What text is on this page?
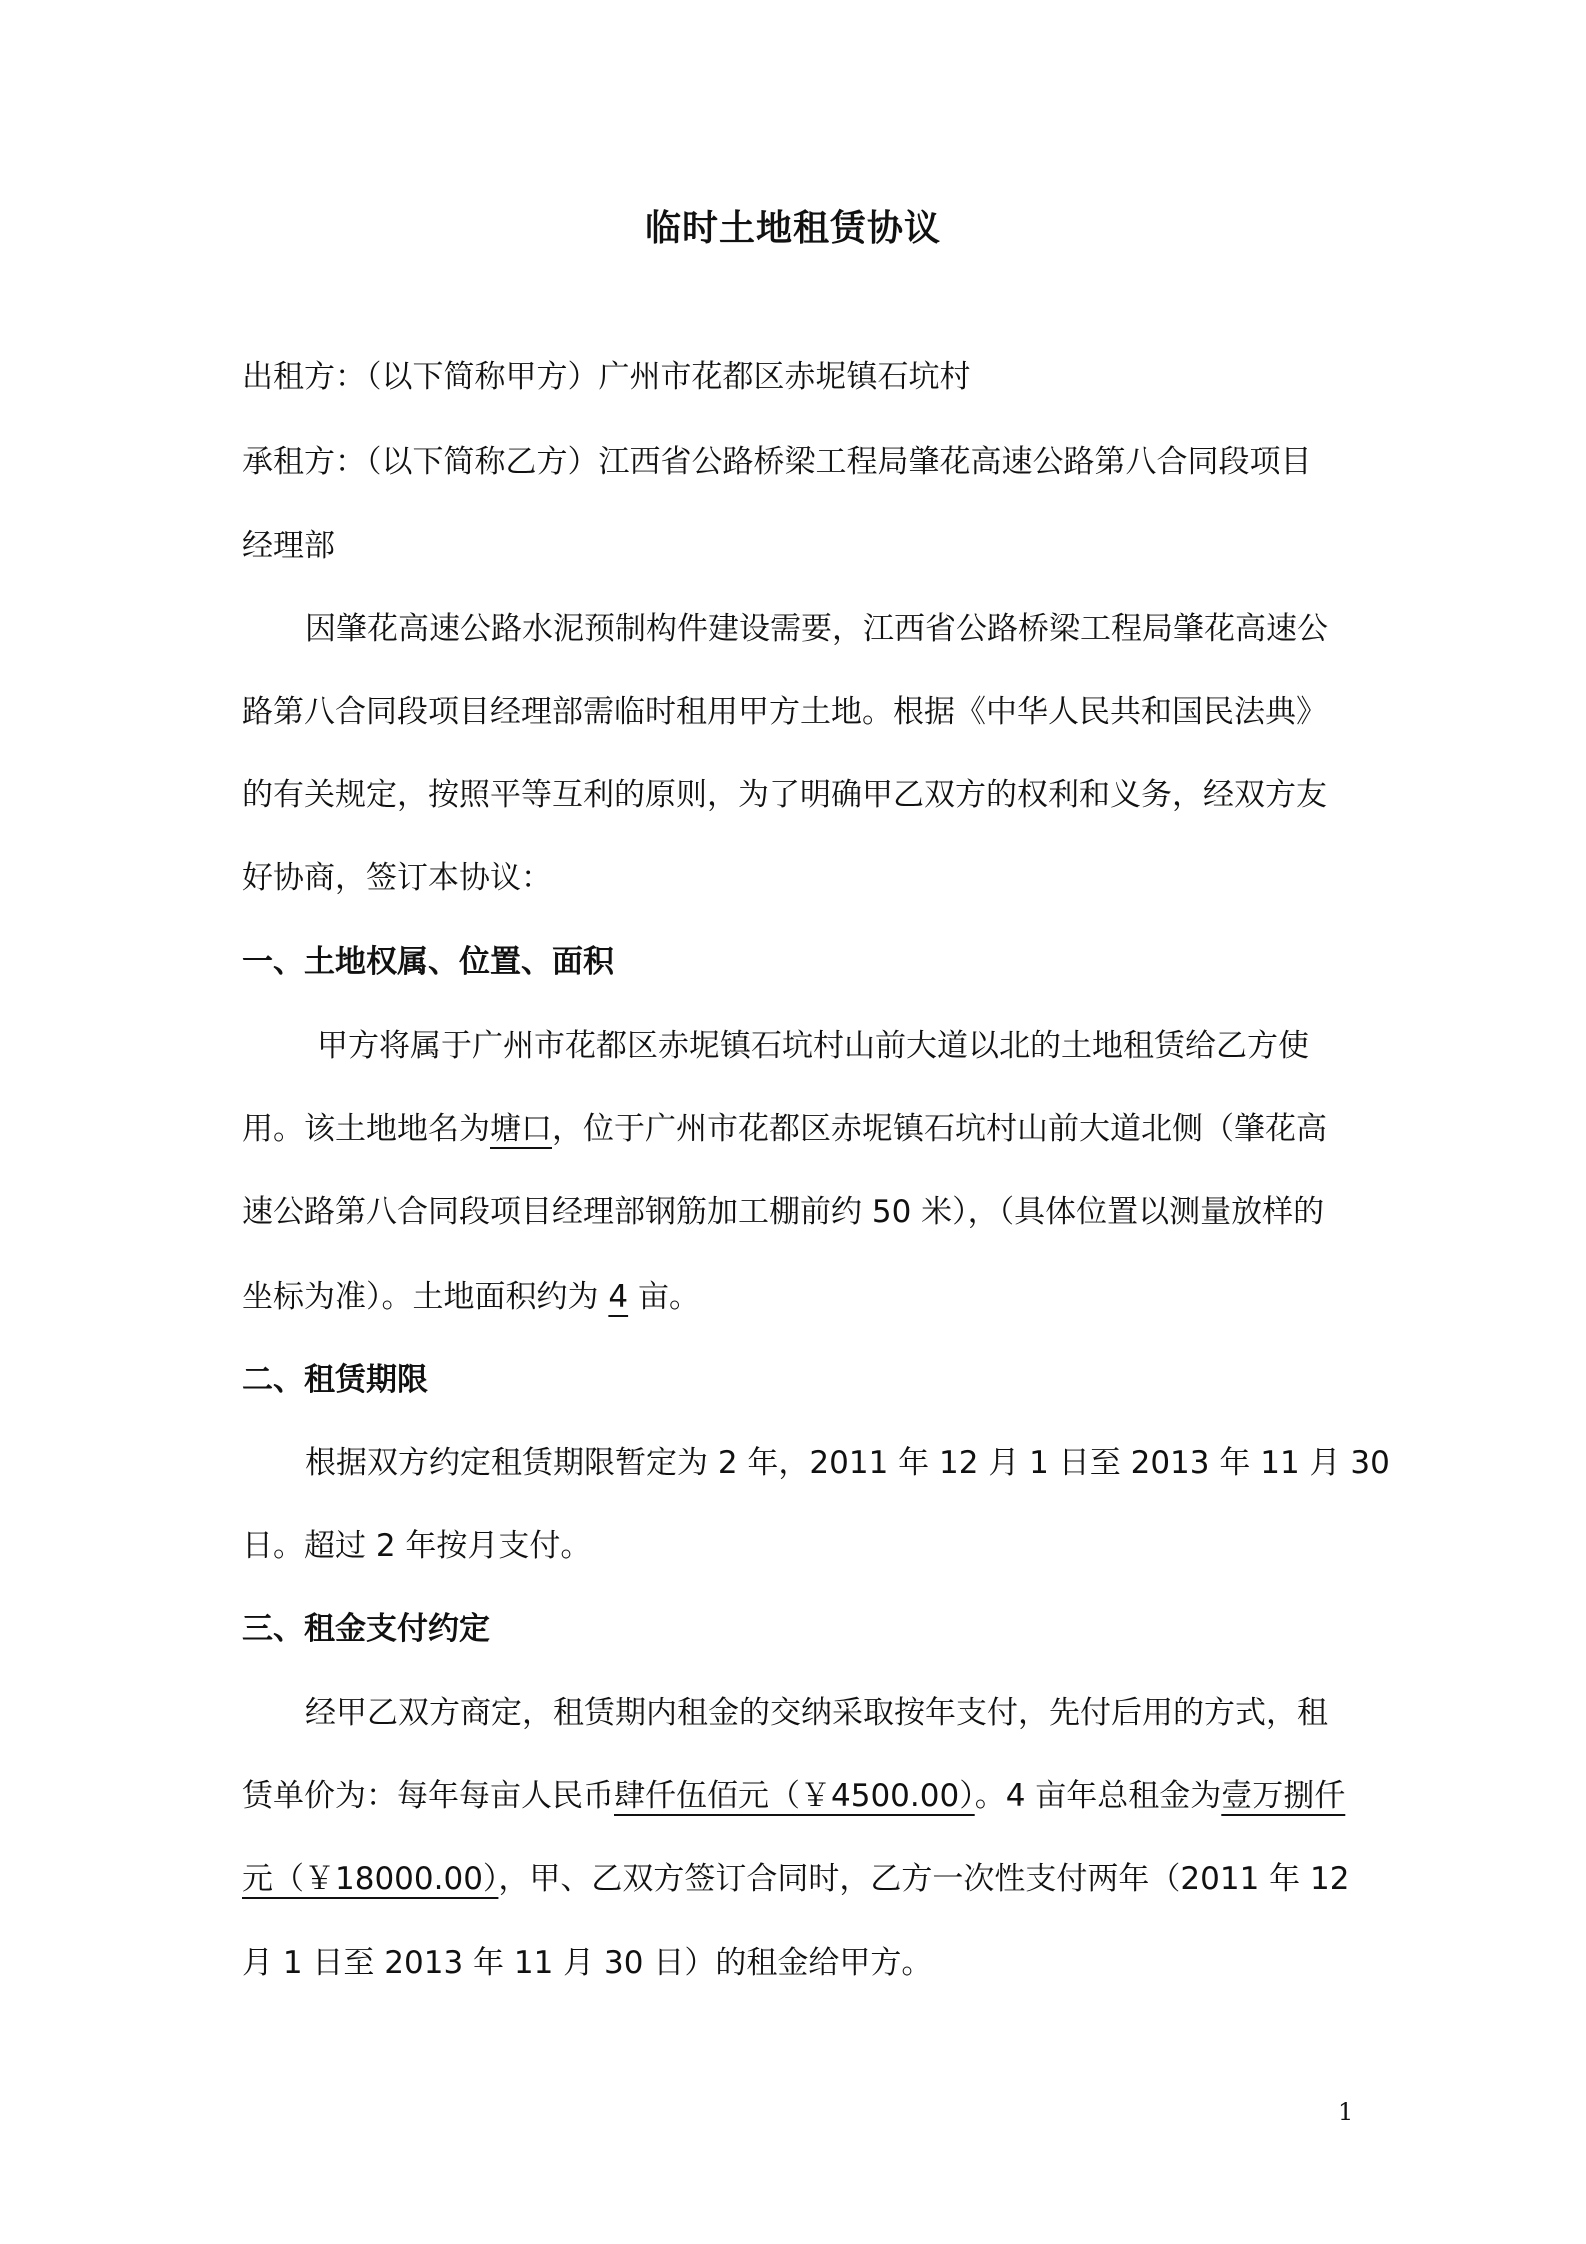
临时土地租赁协议
出租方：（以下简称甲方）广州市花都区赤坭镇石坑村
承租方：（以下简称乙方）江西省公路桥梁工程局肇花高速公路第八合同段项目
经理部
因肇花高速公路水泥预制构件建设需要，江西省公路桥梁工程局肇花高速公
路第八合同段项目经理部需临时租用甲方土地。根据《中华人民共和国民法典》
的有关规定，按照平等互利的原则，为了明确甲乙双方的权利和义务，经双方友
好协商，签订本协议：
一、土地权属、位置、面积
甲方将属于广州市花都区赤坭镇石坑村山前大道以北的土地租赁给乙方使
用。该土地地名为塘口，位于广州市花都区赤坭镇石坑村山前大道北侧（肇花高
速公路第八合同段项目经理部钢筋加工棚前约 50 米），（具体位置以测量放样的
坐标为准）。土地面积约为 4 亩。
二、租赁期限
根据双方约定租赁期限暂定为 2 年，2011 年 12 月 1 日至 2013 年 11 月 30
日。超过 2 年按月支付。
三、租金支付约定
经甲乙双方商定，租赁期内租金的交纳采取按年支付，先付后用的方式，租
赁单价为：每年每亩人民币肆仟伍佰元（￥4500.00）。4 亩年总租金为壹万捌仟
元（￥18000.00），甲、乙双方签订合同时，乙方一次性支付两年（2011 年 12
月 1 日至 2013 年 11 月 30 日）的租金给甲方。
1
